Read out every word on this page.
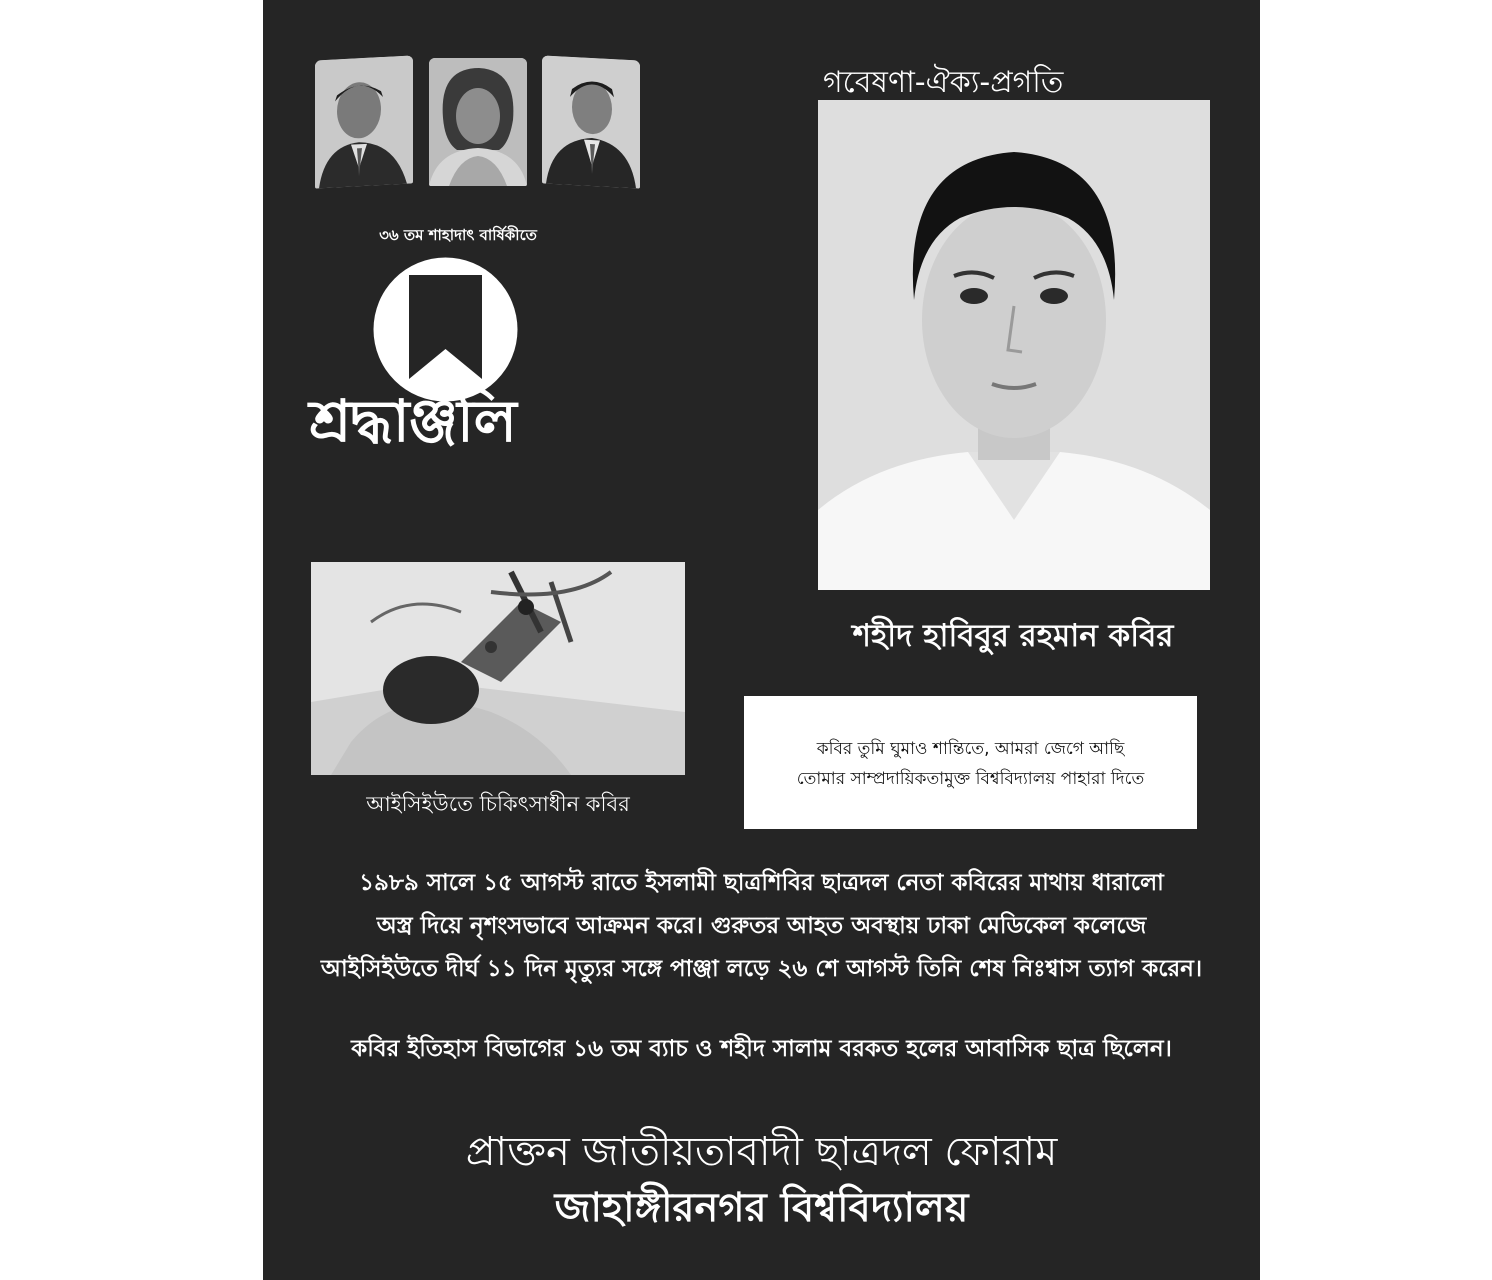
৩৬ তম শাহাদাৎ বার্ষিকীতে
শ্রদ্ধাঞ্জলি
গবেষণা-ঐক্য-প্রগতি
শহীদ হাবিবুর রহমান কবির
আইসিইউতে চিকিৎসাধীন কবির
কবির তুমি ঘুমাও শান্তিতে, আমরা জেগে আছি
তোমার সাম্প্রদায়িকতামুক্ত বিশ্ববিদ্যালয় পাহারা দিতে
১৯৮৯ সালে ১৫ আগস্ট রাতে ইসলামী ছাত্রশিবির ছাত্রদল নেতা কবিরের মাথায় ধারালো
অস্ত্র দিয়ে নৃশংসভাবে আক্রমন করে। গুরুতর আহত অবস্থায় ঢাকা মেডিকেল কলেজে
আইসিইউতে দীর্ঘ ১১ দিন মৃত্যুর সঙ্গে পাঞ্জা লড়ে ২৬ শে আগস্ট তিনি শেষ নিঃশ্বাস ত্যাগ করেন।
কবির ইতিহাস বিভাগের ১৬ তম ব্যাচ ও শহীদ সালাম বরকত হলের আবাসিক ছাত্র ছিলেন।
প্রাক্তন জাতীয়তাবাদী ছাত্রদল ফোরাম
জাহাঙ্গীরনগর বিশ্ববিদ্যালয়
